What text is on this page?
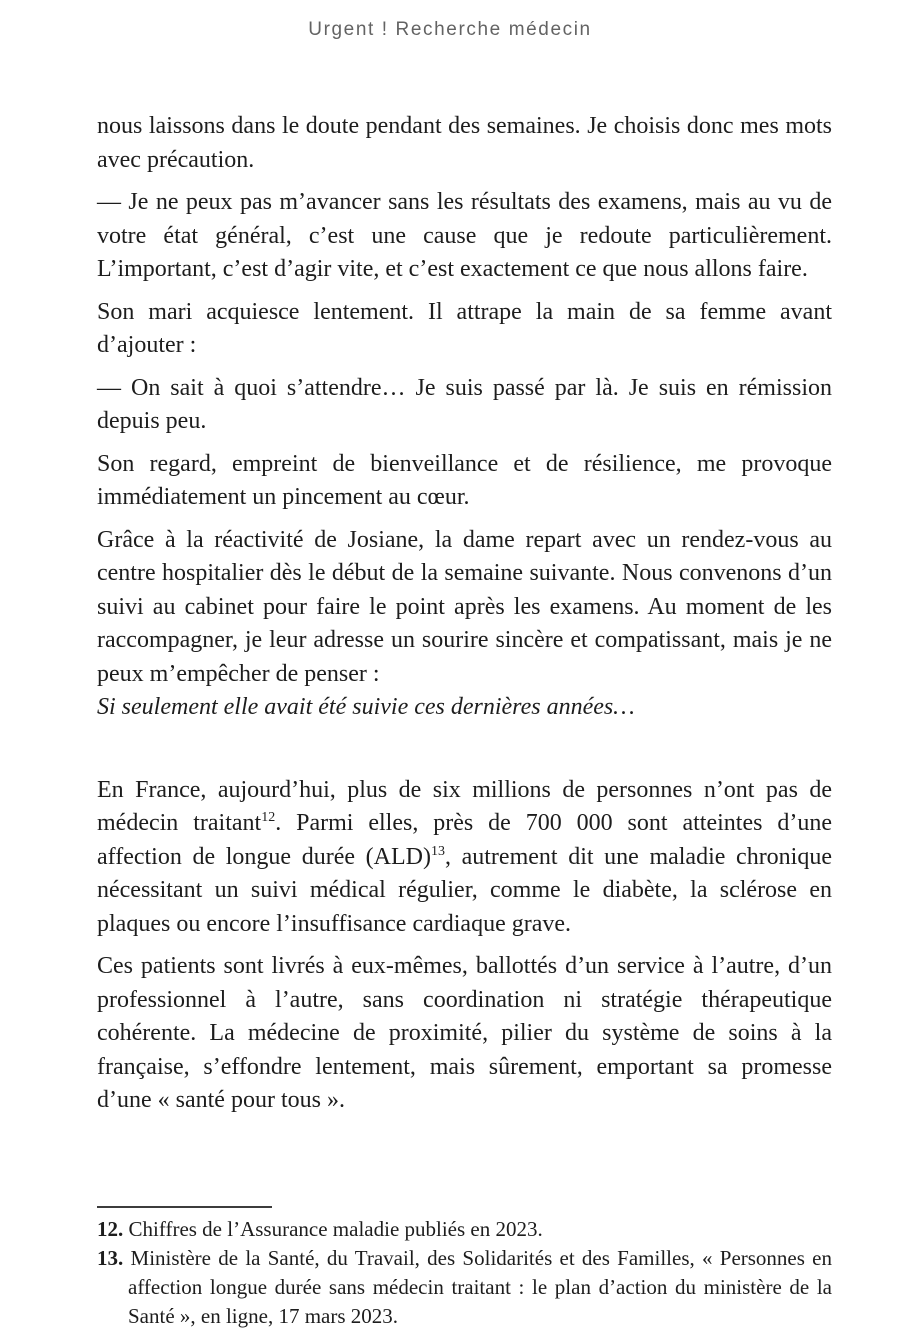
Urgent ! Recherche médecin

nous laissons dans le doute pendant des semaines. Je choisis donc mes mots avec précaution.

— Je ne peux pas m’avancer sans les résultats des examens, mais au vu de votre état général, c’est une cause que je redoute particulièrement. L’important, c’est d’agir vite, et c’est exactement ce que nous allons faire.

Son mari acquiesce lentement. Il attrape la main de sa femme avant d’ajouter :

— On sait à quoi s’attendre… Je suis passé par là. Je suis en rémission depuis peu.

Son regard, empreint de bienveillance et de résilience, me provoque immédiatement un pincement au cœur.

Grâce à la réactivité de Josiane, la dame repart avec un rendez-vous au centre hospitalier dès le début de la semaine suivante. Nous convenons d’un suivi au cabinet pour faire le point après les examens. Au moment de les raccompagner, je leur adresse un sourire sincère et compatissant, mais je ne peux m’empêcher de penser :
Si seulement elle avait été suivie ces dernières années…

En France, aujourd’hui, plus de six millions de personnes n’ont pas de médecin traitant$^{12}$. Parmi elles, près de 700 000 sont atteintes d’une affection de longue durée (ALD)$^{13}$, autrement dit une maladie chronique nécessitant un suivi médical régulier, comme le diabète, la sclérose en plaques ou encore l’insuffisance cardiaque grave.

Ces patients sont livrés à eux-mêmes, ballottés d’un service à l’autre, d’un professionnel à l’autre, sans coordination ni stratégie thérapeutique cohérente. La médecine de proximité, pilier du système de soins à la française, s’effondre lentement, mais sûrement, emportant sa promesse d’une « santé pour tous ».

12. Chiffres de l’Assurance maladie publiés en 2023.

13. Ministère de la Santé, du Travail, des Solidarités et des Familles, « Personnes en affection longue durée sans médecin traitant : le plan d’action du ministère de la Santé », en ligne, 17 mars 2023.
